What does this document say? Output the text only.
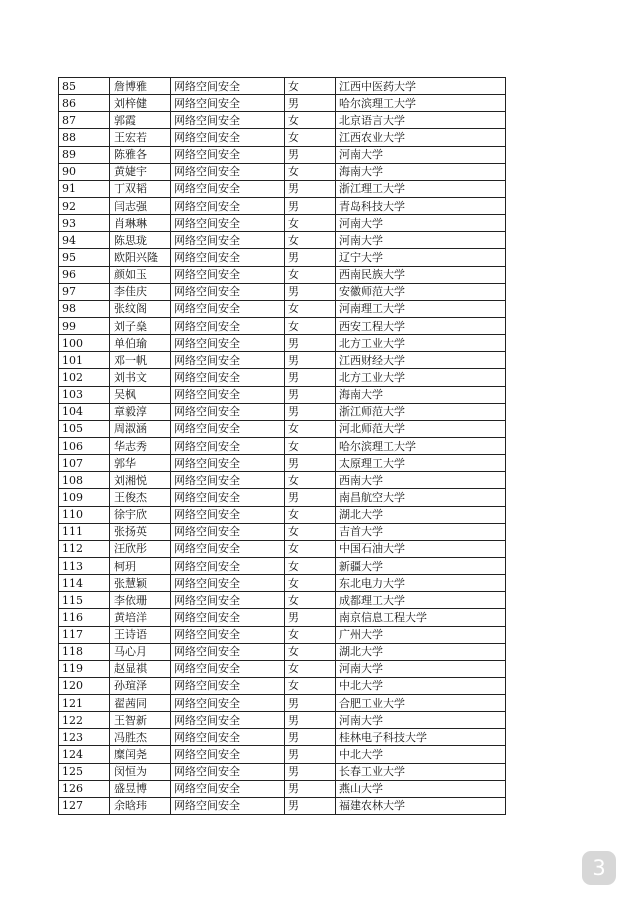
85	詹博雅	网络空间安全	女	江西中医药大学
86	刘梓健	网络空间安全	男	哈尔滨理工大学
87	郭霞	网络空间安全	女	北京语言大学
88	王宏若	网络空间安全	女	江西农业大学
89	陈雅各	网络空间安全	男	河南大学
90	黄婕宇	网络空间安全	女	海南大学
91	丁双韬	网络空间安全	男	浙江理工大学
92	闫志强	网络空间安全	男	青岛科技大学
93	肖琳琳	网络空间安全	女	河南大学
94	陈思珑	网络空间安全	女	河南大学
95	欧阳兴隆	网络空间安全	男	辽宁大学
96	颜如玉	网络空间安全	女	西南民族大学
97	李佳庆	网络空间安全	男	安徽师范大学
98	张纹阁	网络空间安全	女	河南理工大学
99	刘子燊	网络空间安全	女	西安工程大学
100	单伯瑜	网络空间安全	男	北方工业大学
101	邓一帆	网络空间安全	男	江西财经大学
102	刘书文	网络空间安全	男	北方工业大学
103	吴枫	网络空间安全	男	海南大学
104	章毅淳	网络空间安全	男	浙江师范大学
105	周淑涵	网络空间安全	女	河北师范大学
106	华志秀	网络空间安全	女	哈尔滨理工大学
107	郭华	网络空间安全	男	太原理工大学
108	刘湘悦	网络空间安全	女	西南大学
109	王俊杰	网络空间安全	男	南昌航空大学
110	徐宇欣	网络空间安全	女	湖北大学
111	张扬英	网络空间安全	女	吉首大学
112	汪欣彤	网络空间安全	女	中国石油大学
113	柯玥	网络空间安全	女	新疆大学
114	张慧颖	网络空间安全	女	东北电力大学
115	李依珊	网络空间安全	女	成都理工大学
116	黄培洋	网络空间安全	男	南京信息工程大学
117	王诗语	网络空间安全	女	广州大学
118	马心月	网络空间安全	女	湖北大学
119	赵显祺	网络空间安全	女	河南大学
120	孙瑄泽	网络空间安全	女	中北大学
121	翟茜同	网络空间安全	男	合肥工业大学
122	王智新	网络空间安全	男	河南大学
123	冯胜杰	网络空间安全	男	桂林电子科技大学
124	糜闰尧	网络空间安全	男	中北大学
125	闵恒为	网络空间安全	男	长春工业大学
126	盛昱博	网络空间安全	男	燕山大学
127	余晗玮	网络空间安全	男	福建农林大学
3
